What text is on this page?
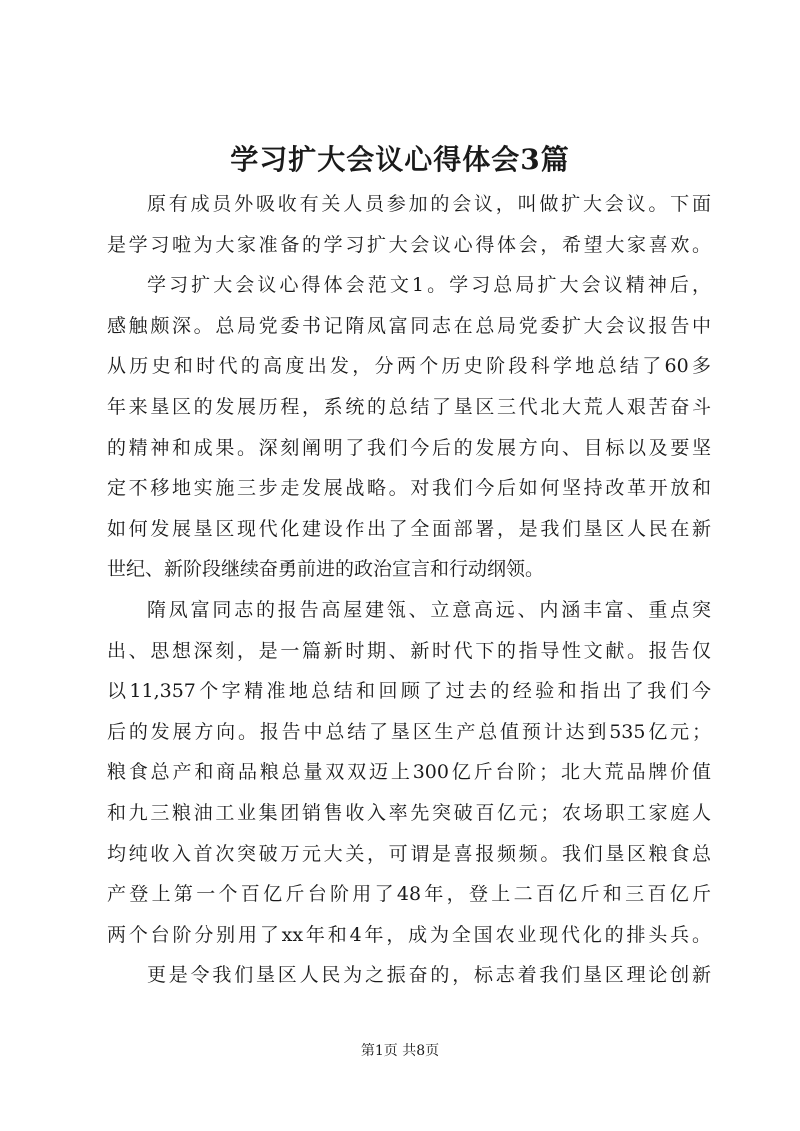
学习扩大会议心得体会3篇
原有成员外吸收有关人员参加的会议，叫做扩大会议。下面
是学习啦为大家准备的学习扩大会议心得体会，希望大家喜欢。
学习扩大会议心得体会范文1。学习总局扩大会议精神后，
感触颇深。总局党委书记隋凤富同志在总局党委扩大会议报告中
从历史和时代的高度出发，分两个历史阶段科学地总结了60多
年来垦区的发展历程，系统的总结了垦区三代北大荒人艰苦奋斗
的精神和成果。深刻阐明了我们今后的发展方向、目标以及要坚
定不移地实施三步走发展战略。对我们今后如何坚持改革开放和
如何发展垦区现代化建设作出了全面部署，是我们垦区人民在新
世纪、新阶段继续奋勇前进的政治宣言和行动纲领。
隋凤富同志的报告高屋建瓴、立意高远、内涵丰富、重点突
出、思想深刻，是一篇新时期、新时代下的指导性文献。报告仅
以11,357个字精准地总结和回顾了过去的经验和指出了我们今
后的发展方向。报告中总结了垦区生产总值预计达到535亿元；
粮食总产和商品粮总量双双迈上300亿斤台阶；北大荒品牌价值
和九三粮油工业集团销售收入率先突破百亿元；农场职工家庭人
均纯收入首次突破万元大关，可谓是喜报频频。我们垦区粮食总
产登上第一个百亿斤台阶用了48年，登上二百亿斤和三百亿斤
两个台阶分别用了xx年和4年，成为全国农业现代化的排头兵。
更是令我们垦区人民为之振奋的，标志着我们垦区理论创新
第1页 共8页
